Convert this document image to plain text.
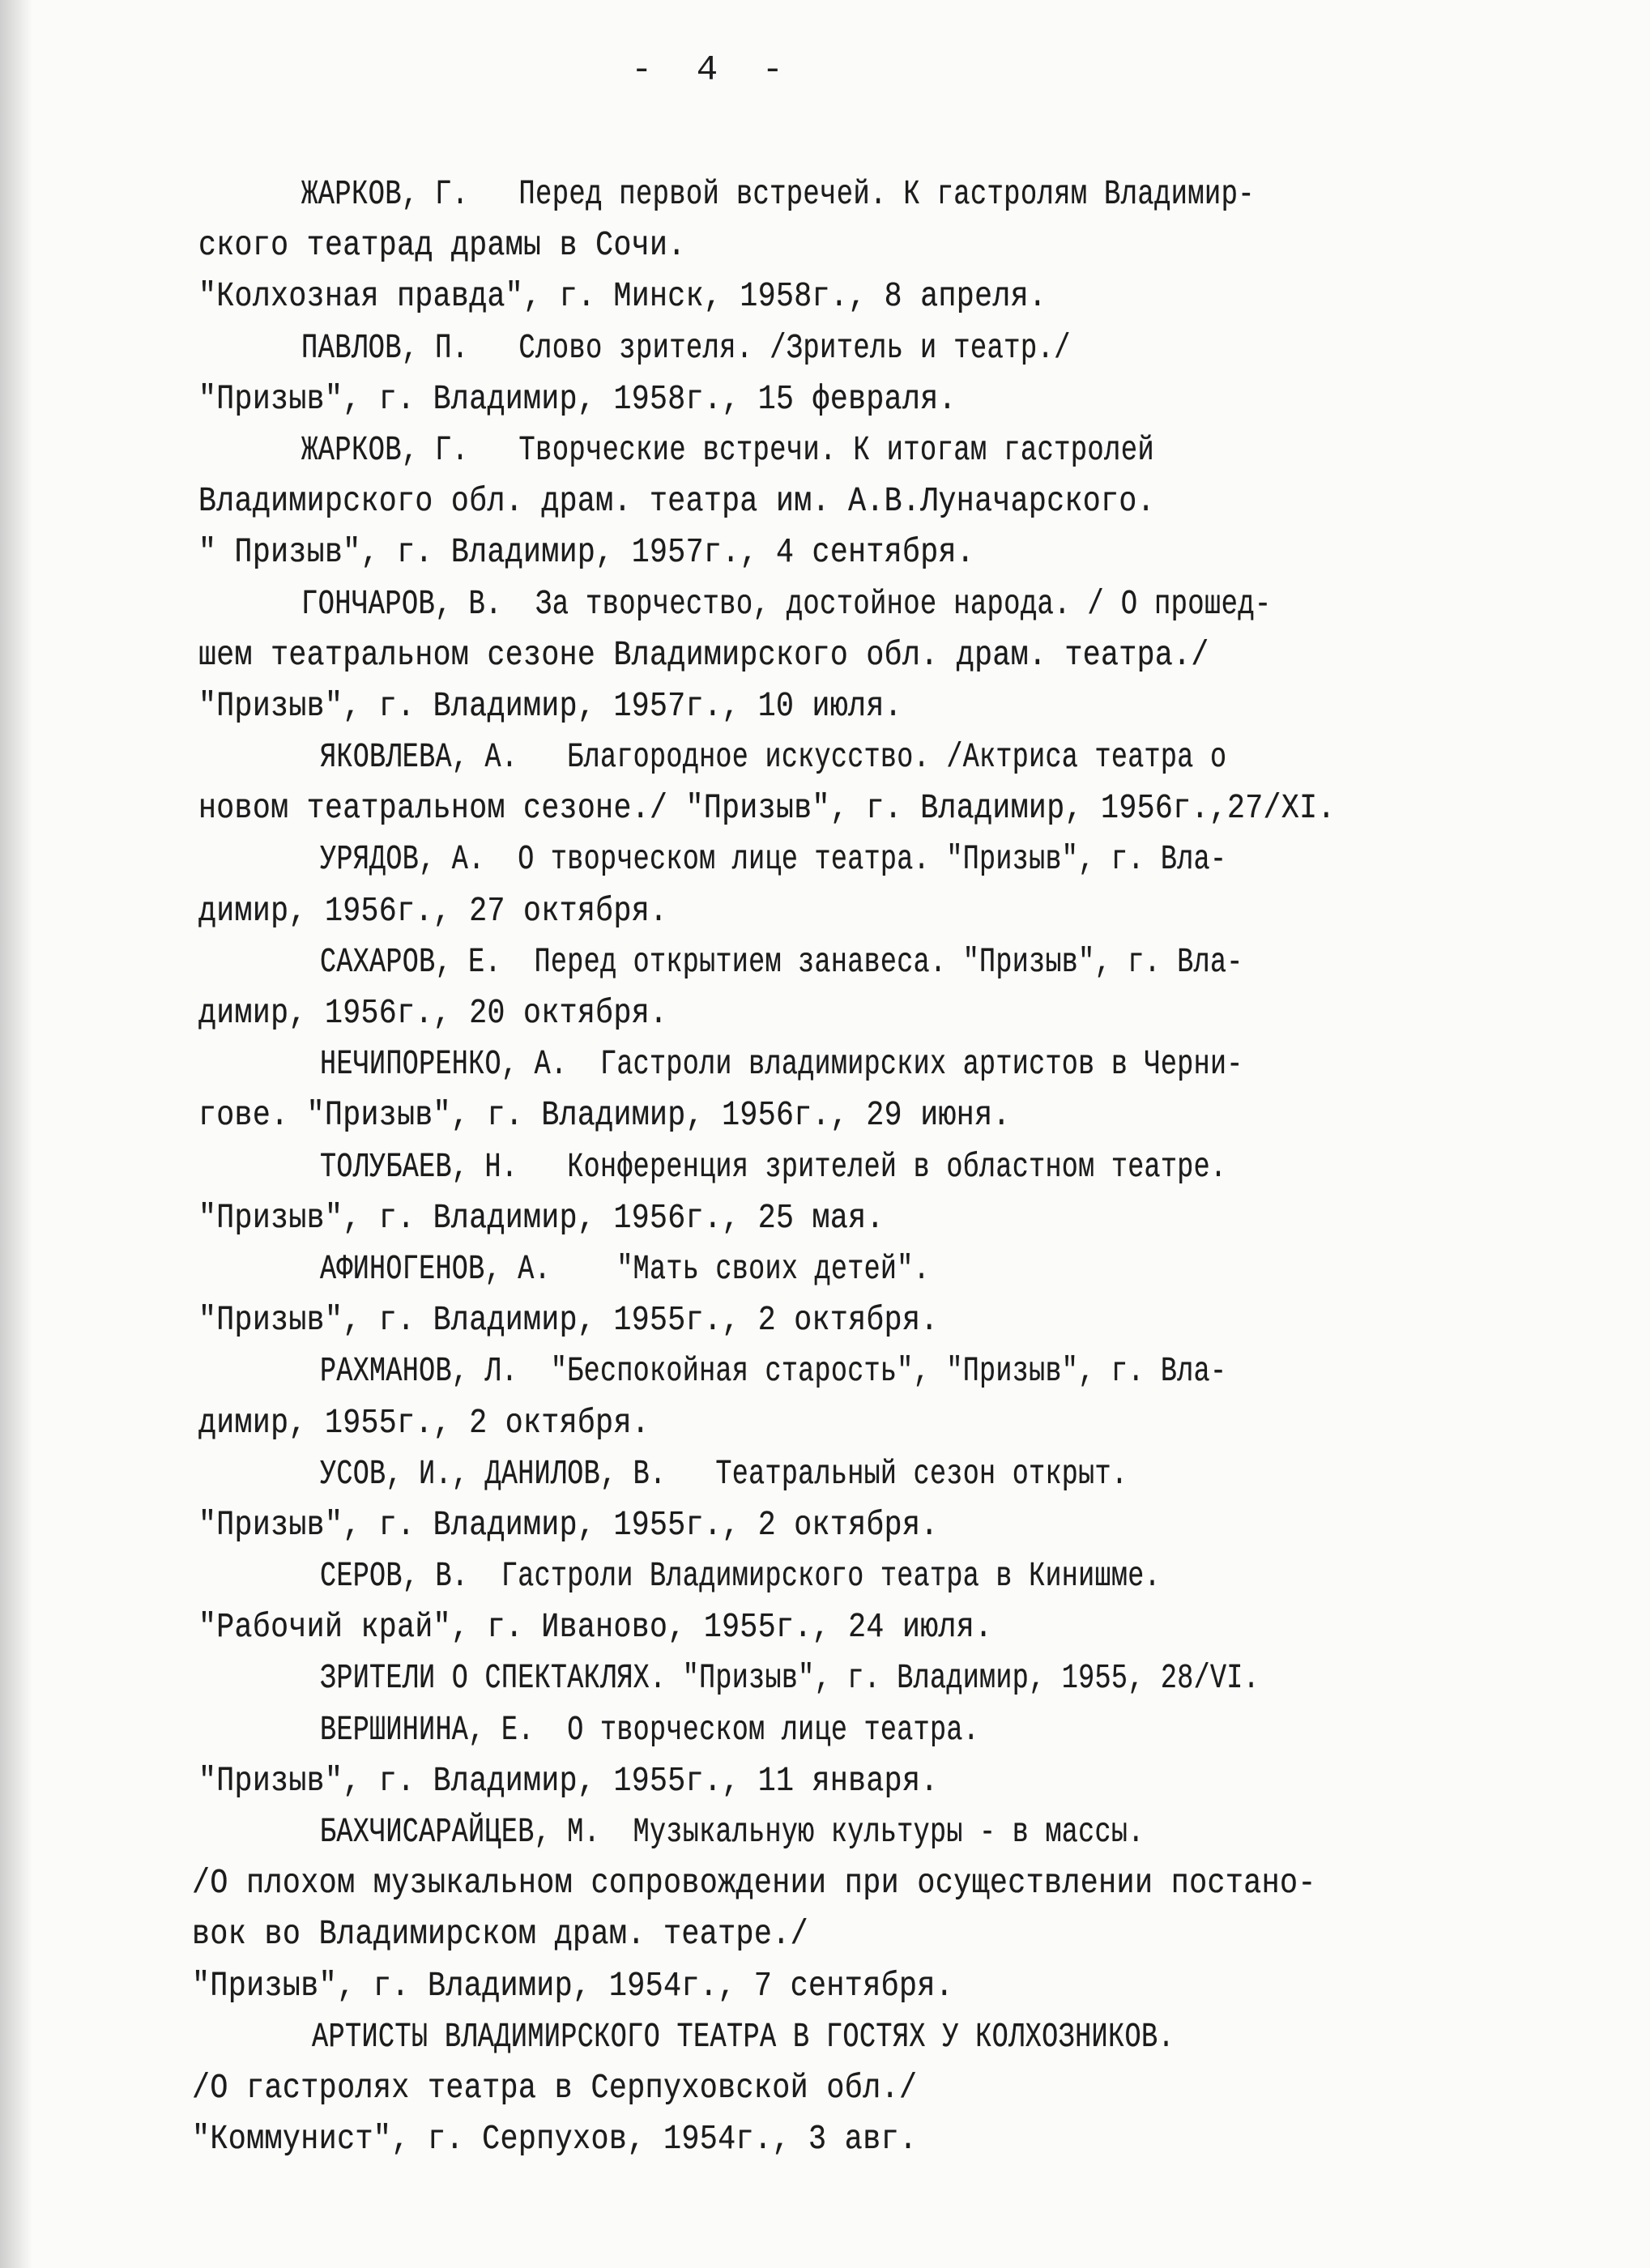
- 4 -
ЖАРКОВ, Г.   Перед первой встречей. К гастролям Владимир-
ского театрад драмы в Сочи.
"Колхозная правда", г. Минск, 1958г., 8 апреля.
ПАВЛОВ, П.   Слово зрителя. /Зритель и театр./
"Призыв", г. Владимир, 1958г., 15 февраля.
ЖАРКОВ, Г.   Творческие встречи. К итогам гастролей
Владимирского обл. драм. театра им. А.В.Луначарского.
" Призыв", г. Владимир, 1957г., 4 сентября.
ГОНЧАРОВ, В.  За творчество, достойное народа. / О прошед-
шем театральном сезоне Владимирского обл. драм. театра./
"Призыв", г. Владимир, 1957г., 10 июля.
ЯКОВЛЕВА, А.   Благородное искусство. /Актриса театра о
новом театральном сезоне./ "Призыв", г. Владимир, 1956г.,27/XI.
УРЯДОВ, А.  О творческом лице театра. "Призыв", г. Вла-
димир, 1956г., 27 октября.
САХАРОВ, Е.  Перед открытием занавеса. "Призыв", г. Вла-
димир, 1956г., 20 октября.
НЕЧИПОРЕНКО, А.  Гастроли владимирских артистов в Черни-
гове. "Призыв", г. Владимир, 1956г., 29 июня.
ТОЛУБАЕВ, Н.   Конференция зрителей в областном театре.
"Призыв", г. Владимир, 1956г., 25 мая.
АФИНОГЕНОВ, А.    "Мать своих детей".
"Призыв", г. Владимир, 1955г., 2 октября.
РАХМАНОВ, Л.  "Беспокойная старость", "Призыв", г. Вла-
димир, 1955г., 2 октября.
УСОВ, И., ДАНИЛОВ, В.   Театральный сезон открыт.
"Призыв", г. Владимир, 1955г., 2 октября.
СЕРОВ, В.  Гастроли Владимирского театра в Кинишме.
"Рабочий край", г. Иваново, 1955г., 24 июля.
ЗРИТЕЛИ О СПЕКТАКЛЯХ. "Призыв", г. Владимир, 1955, 28/VI.
ВЕРШИНИНА, Е.  О творческом лице театра.
"Призыв", г. Владимир, 1955г., 11 января.
БАХЧИСАРАЙЦЕВ, М.  Музыкальную культуры - в массы.
/О плохом музыкальном сопровождении при осуществлении постано-
вок во Владимирском драм. театре./
"Призыв", г. Владимир, 1954г., 7 сентября.
АРТИСТЫ ВЛАДИМИРСКОГО ТЕАТРА В ГОСТЯХ У КОЛХОЗНИКОВ.
/О гастролях театра в Серпуховской обл./
"Коммунист", г. Серпухов, 1954г., 3 авг.
